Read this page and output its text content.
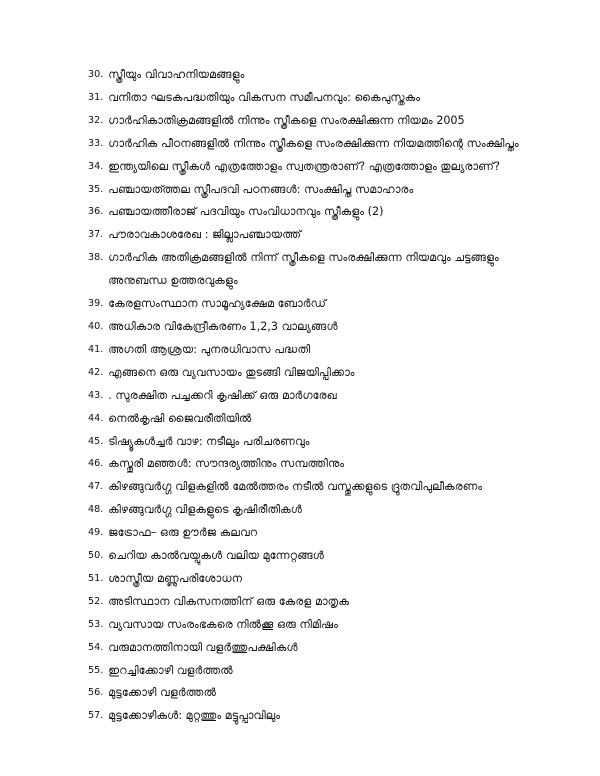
30. സ്ത്രീയും വിവാഹനിയമങ്ങളും
31. വനിതാ ഘടകപദ്ധതിയും വികസന സമീപനവും: കൈപുസ്തകം
32. ഗാർഹികാതിക്രമങ്ങളിൽ നിന്നും സ്ത്രീകളെ സംരക്ഷിക്കുന്ന നിയമം 2005
33. ഗാർഹിക പീഠനങ്ങളിൽ നിന്നും സ്ത്രീകളെ സംരക്ഷിക്കുന്ന നിയമത്തിന്റെ സംക്ഷിപ്തം
34. ഇന്ത്യയിലെ സ്ത്രീകൾ എത്രത്തോളം സ്വതന്ത്രരാണ്? എത്രത്തോളം തുല്യരാണ്?
35. പഞ്ചായത്ത്തല സ്ത്രീപദവി പഠനങ്ങൾ: സംക്ഷിപ്ത സമാഹാരം
36. പഞ്ചായത്തീരാജ് പദവിയും സംവിധാനവും സ്ത്രീകളും (2)
37. പൗരാവകാശരേഖ : ജില്ലാപഞ്ചായത്ത്
38. ഗാർഹിക അതിക്രമങ്ങളിൽ നിന്ന് സ്ത്രീകളെ സംരക്ഷിക്കുന്ന നിയമവും ചട്ടങ്ങളും അനുബന്ധ ഉത്തരവുകളും
39. കേരളസംസ്ഥാന സാമൂഹ്യക്ഷേമ ബോർഡ്
40. അധികാര വികേന്ദ്രീകരണം 1,2,3 വാല്യങ്ങൾ
41. അഗതി ആശ്രയ: പുനരധിവാസ പദ്ധതി
42. എങ്ങനെ ഒരു വ്യവസായം തുടങ്ങി വിജയിപ്പിക്കാം
43. . സുരക്ഷിത പച്ചക്കറി കൃഷിക്ക് ഒരു മാർഗരേഖ
44. നെൽകൃഷി ജൈവരീതിയിൽ
45. ടിഷ്യൂകൾച്ചർ വാഴ: നടീലും പരിചരണവും
46. കസ്തൂരി മഞ്ഞൾ: സൗന്ദര്യത്തിനും സമ്പത്തിനും
47. കിഴങ്ങുവർഗ്ഗ വിളകളിൽ മേൽത്തരം നടീൽ വസ്തുക്കളുടെ ദ്രുതവിപുലീകരണം
48. കിഴങ്ങുവർഗ്ഗ വിളകളുടെ കൃഷിരീതികൾ
49. ജട്രോഫ– ഒരു ഊർജ കലവറ
50. ചെറിയ കാൽവയ്പുകൾ വലിയ മുന്നേറ്റങ്ങൾ
51. ശാസ്ത്രീയ മണ്ണുപരിശോധന
52. അടിസ്ഥാന വികസനത്തിന് ഒരു കേരള മാതൃക
53. വ്യവസായ സംരംഭകരെ നിൽക്കൂ ഒരു നിമിഷം
54. വരുമാനത്തിനായി വളർത്തുപക്ഷികൾ
55. ഇറച്ചിക്കോഴി വളർത്തൽ
56. മുട്ടക്കോഴി വളർത്തൽ
57. മുട്ടക്കോഴികൾ: മുറ്റത്തും മട്ടുപ്പാവിലും
